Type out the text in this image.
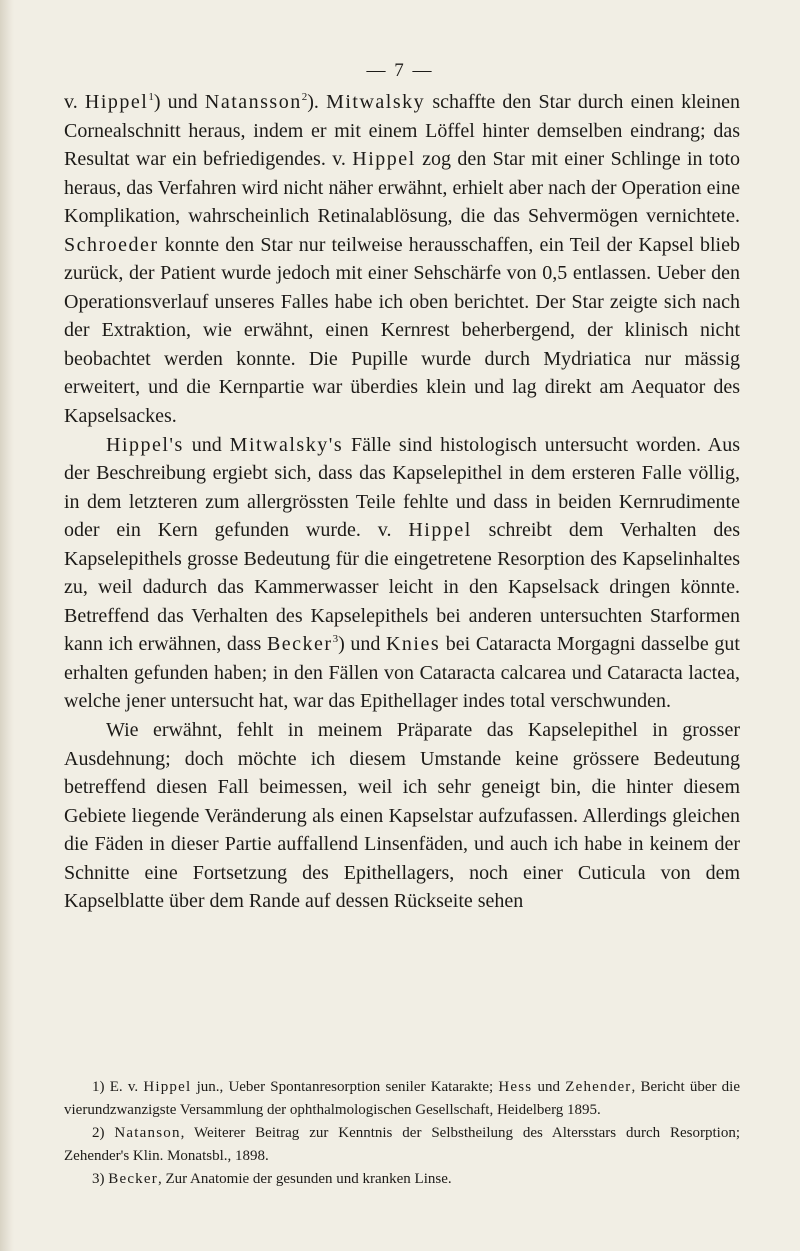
— 7 —

v. Hippel$^1$) und Natansson$^2$). Mitwalsky schaffte den Star durch einen kleinen Cornealschnitt heraus, indem er mit einem Löffel hinter demselben eindrang; das Resultat war ein befriedigendes. v. Hippel zog den Star mit einer Schlinge in toto heraus, das Verfahren wird nicht näher erwähnt, erhielt aber nach der Operation eine Komplikation, wahrscheinlich Retinalablösung, die das Sehvermögen vernichtete. Schroeder konnte den Star nur teilweise herausschaffen, ein Teil der Kapsel blieb zurück, der Patient wurde jedoch mit einer Sehschärfe von 0,5 entlassen. Ueber den Operationsverlauf unseres Falles habe ich oben berichtet. Der Star zeigte sich nach der Extraktion, wie erwähnt, einen Kernrest beherbergend, der klinisch nicht beobachtet werden konnte. Die Pupille wurde durch Mydriatica nur mässig erweitert, und die Kernpartie war überdies klein und lag direkt am Aequator des Kapselsackes.

Hippel's und Mitwalsky's Fälle sind histologisch untersucht worden. Aus der Beschreibung ergiebt sich, dass das Kapselepithel in dem ersteren Falle völlig, in dem letzteren zum allergrössten Teile fehlte und dass in beiden Kernrudimente oder ein Kern gefunden wurde. v. Hippel schreibt dem Verhalten des Kapselepithels grosse Bedeutung für die eingetretene Resorption des Kapselinhaltes zu, weil dadurch das Kammerwasser leicht in den Kapselsack dringen könnte. Betreffend das Verhalten des Kapselepithels bei anderen untersuchten Starformen kann ich erwähnen, dass Becker$^3$) und Knies bei Cataracta Morgagni dasselbe gut erhalten gefunden haben; in den Fällen von Cataracta calcarea und Cataracta lactea, welche jener untersucht hat, war das Epithellager indes total verschwunden.

Wie erwähnt, fehlt in meinem Präparate das Kapselepithel in grosser Ausdehnung; doch möchte ich diesem Umstande keine grössere Bedeutung betreffend diesen Fall beimessen, weil ich sehr geneigt bin, die hinter diesem Gebiete liegende Veränderung als einen Kapselstar aufzufassen. Allerdings gleichen die Fäden in dieser Partie auffallend Linsenfäden, und auch ich habe in keinem der Schnitte eine Fortsetzung des Epithellagers, noch einer Cuticula von dem Kapselblatte über dem Rande auf dessen Rückseite sehen

1) E. v. Hippel jun., Ueber Spontanresorption seniler Katarakte; Hess und Zehender, Bericht über die vierundzwanzigste Versammlung der ophthalmologischen Gesellschaft, Heidelberg 1895.

2) Natanson, Weiterer Beitrag zur Kenntnis der Selbstheilung des Altersstars durch Resorption; Zehender's Klin. Monatsbl., 1898.

3) Becker, Zur Anatomie der gesunden und kranken Linse.
